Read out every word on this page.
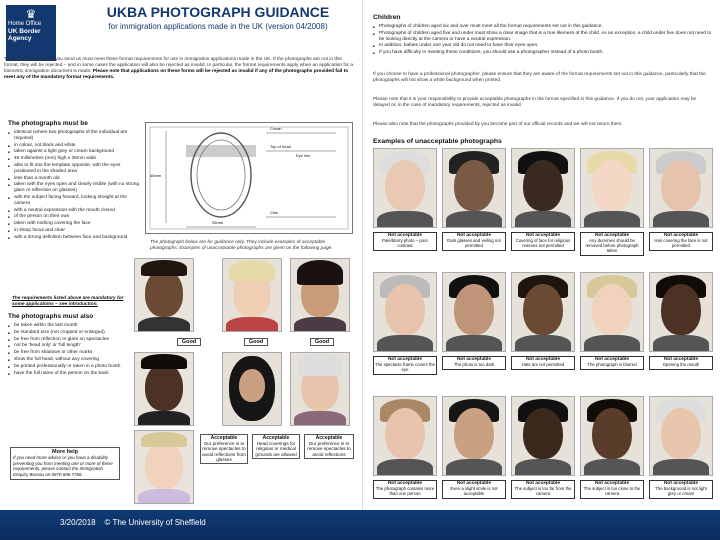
♛
Home Office
UK Border Agency
UKBA PHOTOGRAPH GUIDANCE
for immigration applications made in the UK (version 04/2008)
The photographs which you send us must meet these format requirements for use in immigration applications made in the UK. If the photographs are not in this format, they will be rejected – and in some cases the application will also be rejected as invalid. In particular, the format requirements apply when an application for a biometric immigration document is made. Please note that applications on these forms will be rejected as invalid if any of the photographs provided fail to meet any of the mandatory format requirements.
The photographs must be
■ identical (where two photographs of the individual are required)
■ in colour, not black and white
■ taken against a light grey or cream background
■ 45 millimetres (mm) high x 35mm wide
■ able to fit into the template opposite, with the eyes positioned in the shaded area
■ less than a month old
■ taken with the eyes open and clearly visible (with no strong glare or reflection on glasses)
■ with the subject facing forward, looking straight at the camera
■ with a neutral expression with the mouth closed
■ of the person on their own
■ taken with nothing covering the face
■ in sharp focus and clear
■ with a strong definition between face and background
Crown
Top of head
Eye line
Chin
45mm
35mm
The photograph below are for guidance only. They include examples of acceptable photographs. Examples of unacceptable photographs are given on the following page.
The requirements listed above are mandatory for some applications – see introduction.
The photographs must also
■ be taken within the last month
■ be standard size (not cropped or enlarged)
■ be free from reflection or glare on spectacles
■ not be 'head only' or 'full length'
■ be free from shadows or other marks
■ show the full head, without any covering
■ be printed professionally or taken in a photo booth
■ have the full name of the person on the back
Good	Good	Good
Acceptable
Our preference is to remove spectacles to avoid reflections from glasses
Acceptable
Head coverings for religious or medical grounds are allowed
Acceptable
Our preference is to remove spectacles to avoid reflections
More help
If you need more advice or you have a disability preventing you from meeting one or more of these requirements, please contact the Immigration Enquiry Bureau on 0870 606 7766.
Children
■ Photographs of children aged six and over must meet all the format requirements set out in this guidance.
■ Photographs of children aged five and under must show a clear image that is a true likeness of the child. As an exception, a child under five does not need to be looking directly at the camera or have a neutral expression.
■ In addition, babies under one year old do not need to have their eyes open.
■ If you have difficulty in meeting these conditions, you should use a photographer instead of a photo booth.
If you choose to have a professional photographer, please ensure that they are aware of the format requirements set out in this guidance, particularly that the photographs will not show a white background when printed.
Please note that it is your responsibility to provide acceptable photographs in the format specified in this guidance. If you do not, your application may be delayed or, in the case of mandatory requirements, rejected as invalid.
Please also note that the photographs provided by you become part of our official records and we will not return them.
Examples of unacceptable photographs
Not acceptable
Pale/blurry photo – poor contrast
Not acceptable
Dark glasses and veiling not permitted
Not acceptable
Covering of face for religious reasons not permitted
Not acceptable
Any dummies should be removed before photograph taken
Not acceptable
Hair covering the face is not permitted
Not acceptable
The spectacle frame covers the eye
Not acceptable
The photo is too dark
Not acceptable
Hats are not permitted
Not acceptable
The photograph is blurred
Not acceptable
Opening the mouth
Not acceptable
The photograph contains more than one person
Not acceptable
Even a slight smile is not acceptable
Not acceptable
The subject is too far from the camera
Not acceptable
The subject is too close to the camera
Not acceptable
The background is not light grey or cream
3/20/2018 © The University of Sheffield
